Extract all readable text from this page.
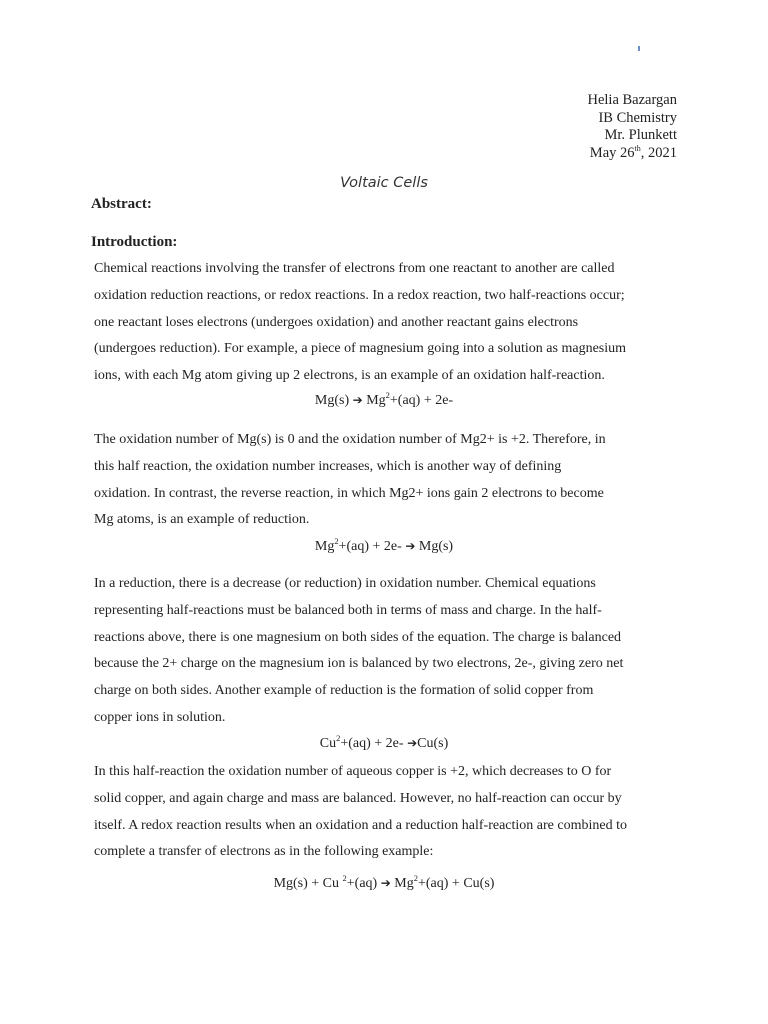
Helia Bazargan
IB Chemistry
Mr. Plunkett
May 26th, 2021
Voltaic Cells
Abstract:
Introduction:
Chemical reactions involving the transfer of electrons from one reactant to another are called
oxidation reduction reactions, or redox reactions. In a redox reaction, two half-reactions occur;
one reactant loses electrons (undergoes oxidation) and another reactant gains electrons
(undergoes reduction). For example, a piece of magnesium going into a solution as magnesium
ions, with each Mg atom giving up 2 electrons, is an example of an oxidation half-reaction.
Mg(s) ➔ $Mg^2+(aq) + 2e-$
The oxidation number of Mg(s) is 0 and the oxidation number of Mg2+ is +2. Therefore, in
this half reaction, the oxidation number increases, which is another way of defining
oxidation. In contrast, the reverse reaction, in which Mg2+ ions gain 2 electrons to become
Mg atoms, is an example of reduction.
$Mg^2+(aq) + 2e-$ ➔ Mg(s)
In a reduction, there is a decrease (or reduction) in oxidation number. Chemical equations
representing half-reactions must be balanced both in terms of mass and charge. In the half-
reactions above, there is one magnesium on both sides of the equation. The charge is balanced
because the 2+ charge on the magnesium ion is balanced by two electrons, 2e-, giving zero net
charge on both sides. Another example of reduction is the formation of solid copper from
copper ions in solution.
$Cu^2+(aq) + 2e-$ ➔Cu(s)
In this half-reaction the oxidation number of aqueous copper is +2, which decreases to O for
solid copper, and again charge and mass are balanced. However, no half-reaction can occur by
itself. A redox reaction results when an oxidation and a reduction half-reaction are combined to
complete a transfer of electrons as in the following example:
Mg(s) + Cu $^2$+(aq) ➔ $Mg^2+(aq) + Cu(s)$
